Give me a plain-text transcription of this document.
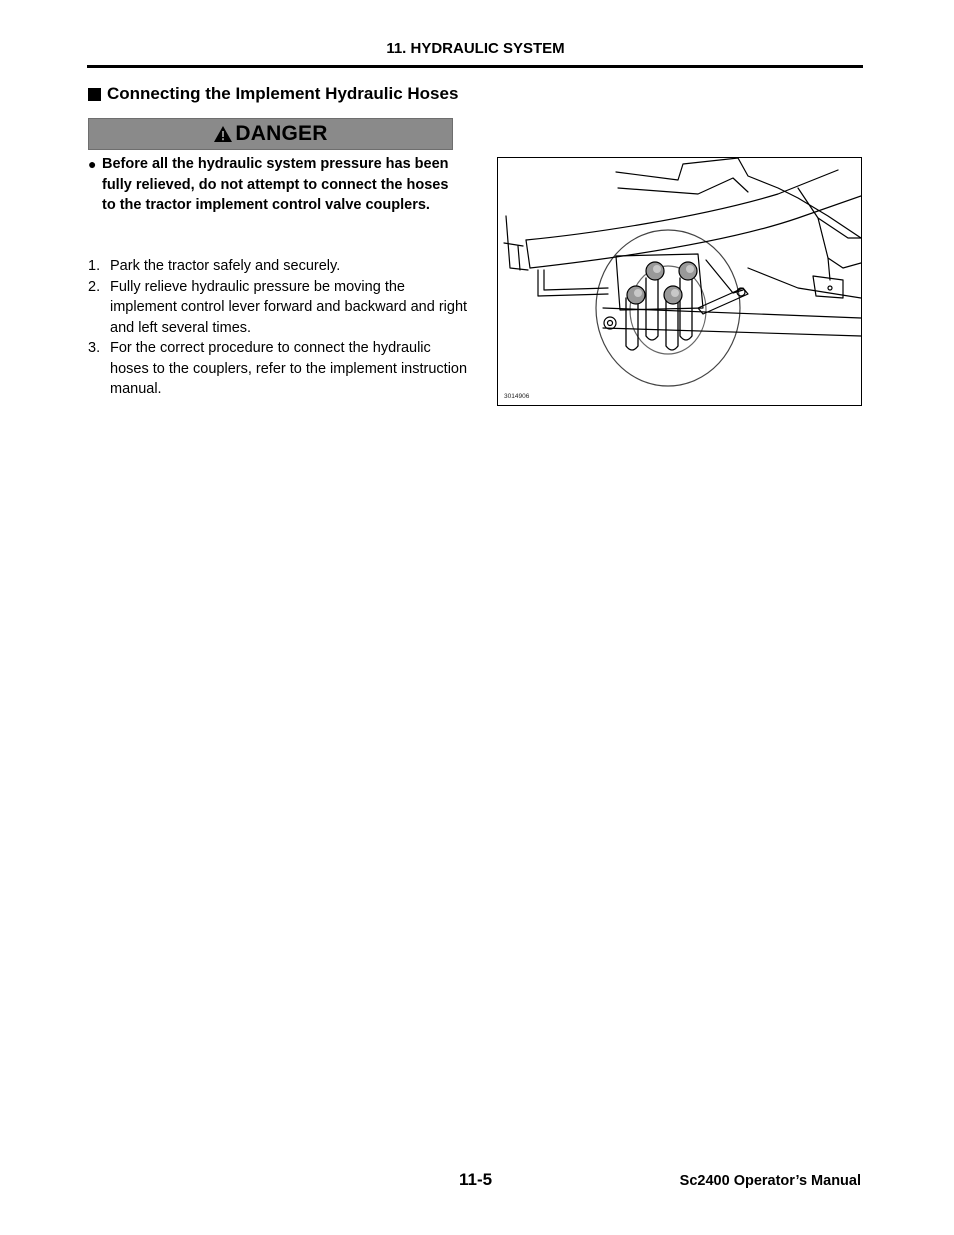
11. HYDRAULIC SYSTEM
Connecting the Implement Hydraulic Hoses
DANGER
● Before all the hydraulic system pressure has been fully relieved, do not attempt to connect the hoses to the tractor implement control valve couplers.
1. Park the tractor safely and securely.
2. Fully relieve hydraulic pressure be moving the implement control lever forward and backward and right and left several times.
3. For the correct procedure to connect the hydraulic hoses to the couplers, refer to the implement instruction manual.	3014906
11-5	Sc2400 Operator’s Manual
